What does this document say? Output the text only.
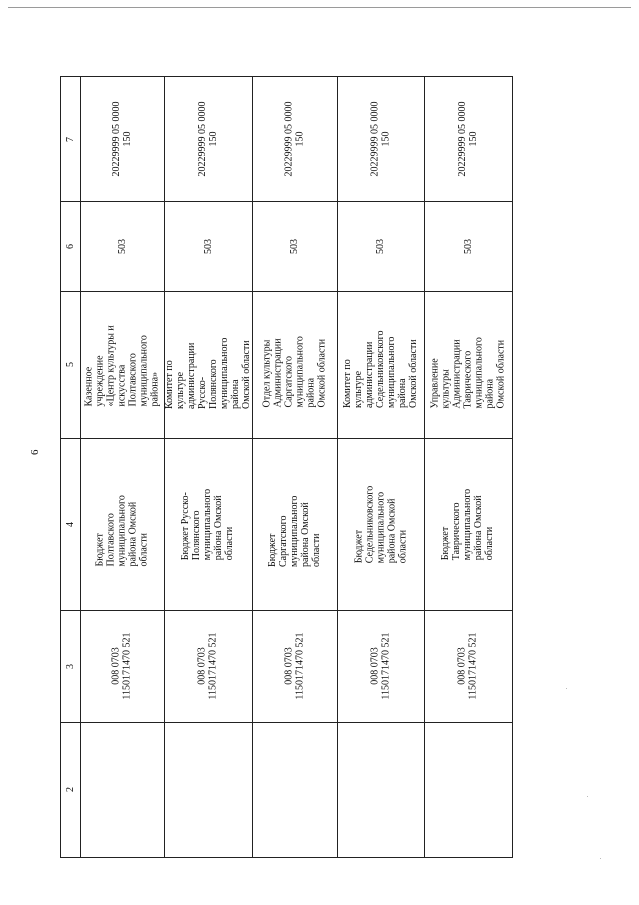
6
7
6
5
4
3
2
20229999 05 0000 150
503
Казенное учреждение
«Центр культуры и
искусства Полтавского
муниципального
района»
Бюджет Полтавского
муниципального
района Омской
области
008 0703
1150171470 521
20229999 05 0000 150
503
Комитет по культуре
администрации Русско-
Полянского
муниципального района
Омской области
Бюджет Русско-
Полянского
муниципального
района Омской
области
008 0703
1150171470 521
20229999 05 0000 150
503
Отдел культуры
Администрации
Саргатского
муниципального района
Омской области
Бюджет Саргатского
муниципального
района Омской
области
008 0703
1150171470 521
20229999 05 0000 150
503
Комитет по культуре
администрации
Седельниковского
муниципального района
Омской области
Бюджет
Седельниковского
муниципального
района Омской
области
008 0703
1150171470 521
20229999 05 0000 150
503
Управление культуры
Администрации
Таврического
муниципального района
Омской области
Бюджет
Таврического
муниципального
района Омской
области
008 0703
1150171470 521
